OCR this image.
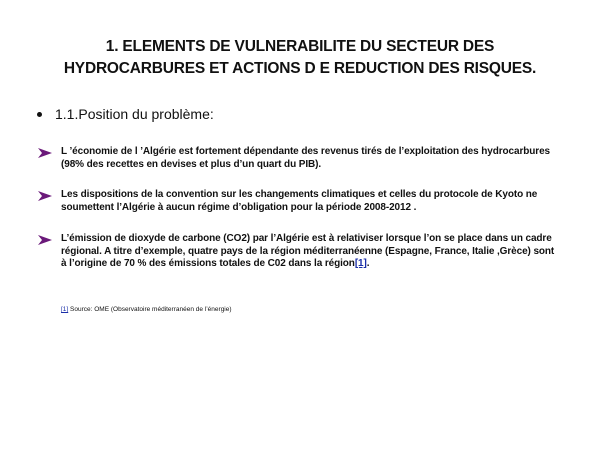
1. ELEMENTS DE VULNERABILITE DU SECTEUR DES
HYDROCARBURES ET ACTIONS D E REDUCTION DES RISQUES.
1.1.Position du problème:
L ’économie de l ’Algérie est fortement dépendante des revenus tirés de l’exploitation des hydrocarbures (98% des recettes en devises et plus d’un quart du PIB).
Les dispositions de la convention sur les changements climatiques et celles du protocole de Kyoto ne soumettent l’Algérie à aucun régime d’obligation pour la période 2008-2012 .
L’émission de dioxyde de carbone (CO2) par l’Algérie est à relativiser lorsque l’on se place dans un cadre régional. A titre d’exemple, quatre pays de la région méditerranéenne (Espagne, France, Italie ,Grèce) sont à l’origine de 70 % des émissions totales de C02 dans la région[1].
[1] Source: OME (Observatoire méditerranéen de l’énergie)
